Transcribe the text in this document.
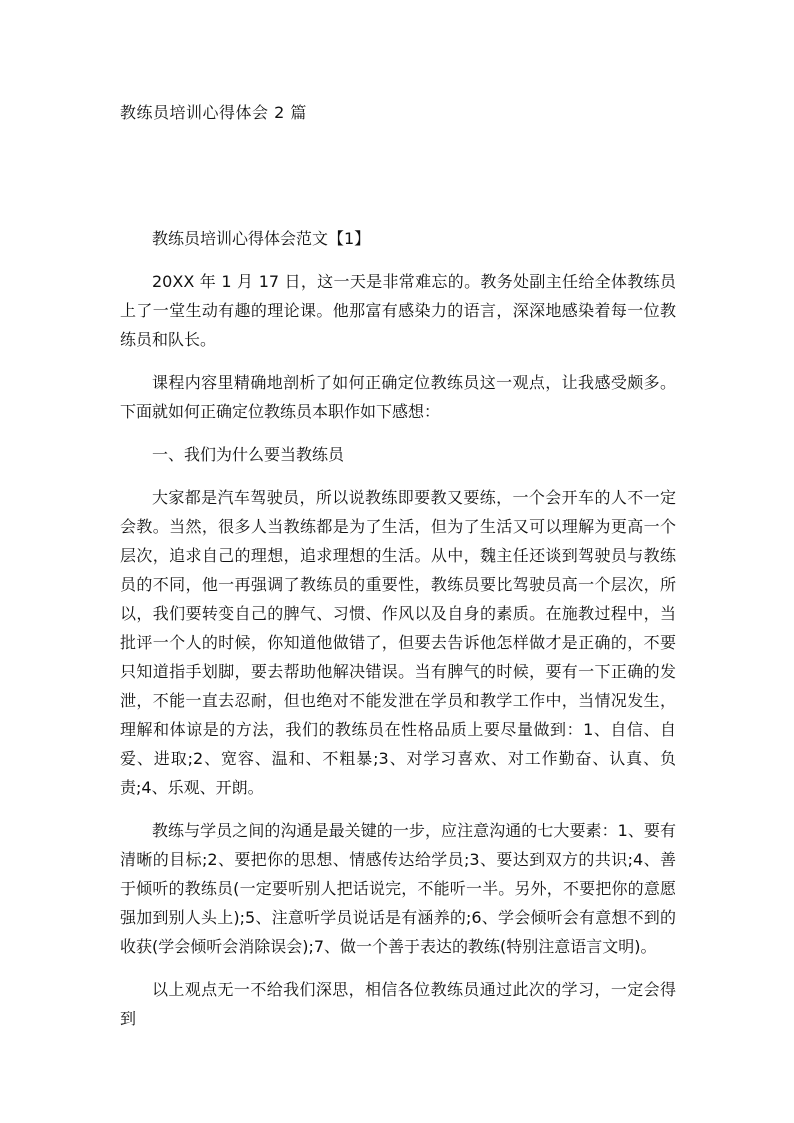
教练员培训心得体会 2 篇

教练员培训心得体会范文【1】

20XX 年 1 月 17 日，这一天是非常难忘的。教务处副主任给全体教练员上了一堂生动有趣的理论课。他那富有感染力的语言，深深地感染着每一位教练员和队长。

课程内容里精确地剖析了如何正确定位教练员这一观点，让我感受颇多。下面就如何正确定位教练员本职作如下感想：

一、我们为什么要当教练员

大家都是汽车驾驶员，所以说教练即要教又要练，一个会开车的人不一定会教。当然，很多人当教练都是为了生活，但为了生活又可以理解为更高一个层次，追求自己的理想，追求理想的生活。从中，魏主任还谈到驾驶员与教练员的不同，他一再强调了教练员的重要性，教练员要比驾驶员高一个层次，所以，我们要转变自己的脾气、习惯、作风以及自身的素质。在施教过程中，当批评一个人的时候，你知道他做错了，但要去告诉他怎样做才是正确的，不要只知道指手划脚，要去帮助他解决错误。当有脾气的时候，要有一下正确的发泄，不能一直去忍耐，但也绝对不能发泄在学员和教学工作中，当情况发生，理解和体谅是的方法，我们的教练员在性格品质上要尽量做到：1、自信、自爱、进取;2、宽容、温和、不粗暴;3、对学习喜欢、对工作勤奋、认真、负责;4、乐观、开朗。

教练与学员之间的沟通是最关键的一步，应注意沟通的七大要素：1、要有清晰的目标;2、要把你的思想、情感传达给学员;3、要达到双方的共识;4、善于倾听的教练员(一定要听别人把话说完，不能听一半。另外，不要把你的意愿强加到别人头上);5、注意听学员说话是有涵养的;6、学会倾听会有意想不到的收获(学会倾听会消除误会);7、做一个善于表达的教练(特别注意语言文明)。

以上观点无一不给我们深思，相信各位教练员通过此次的学习，一定会得到
